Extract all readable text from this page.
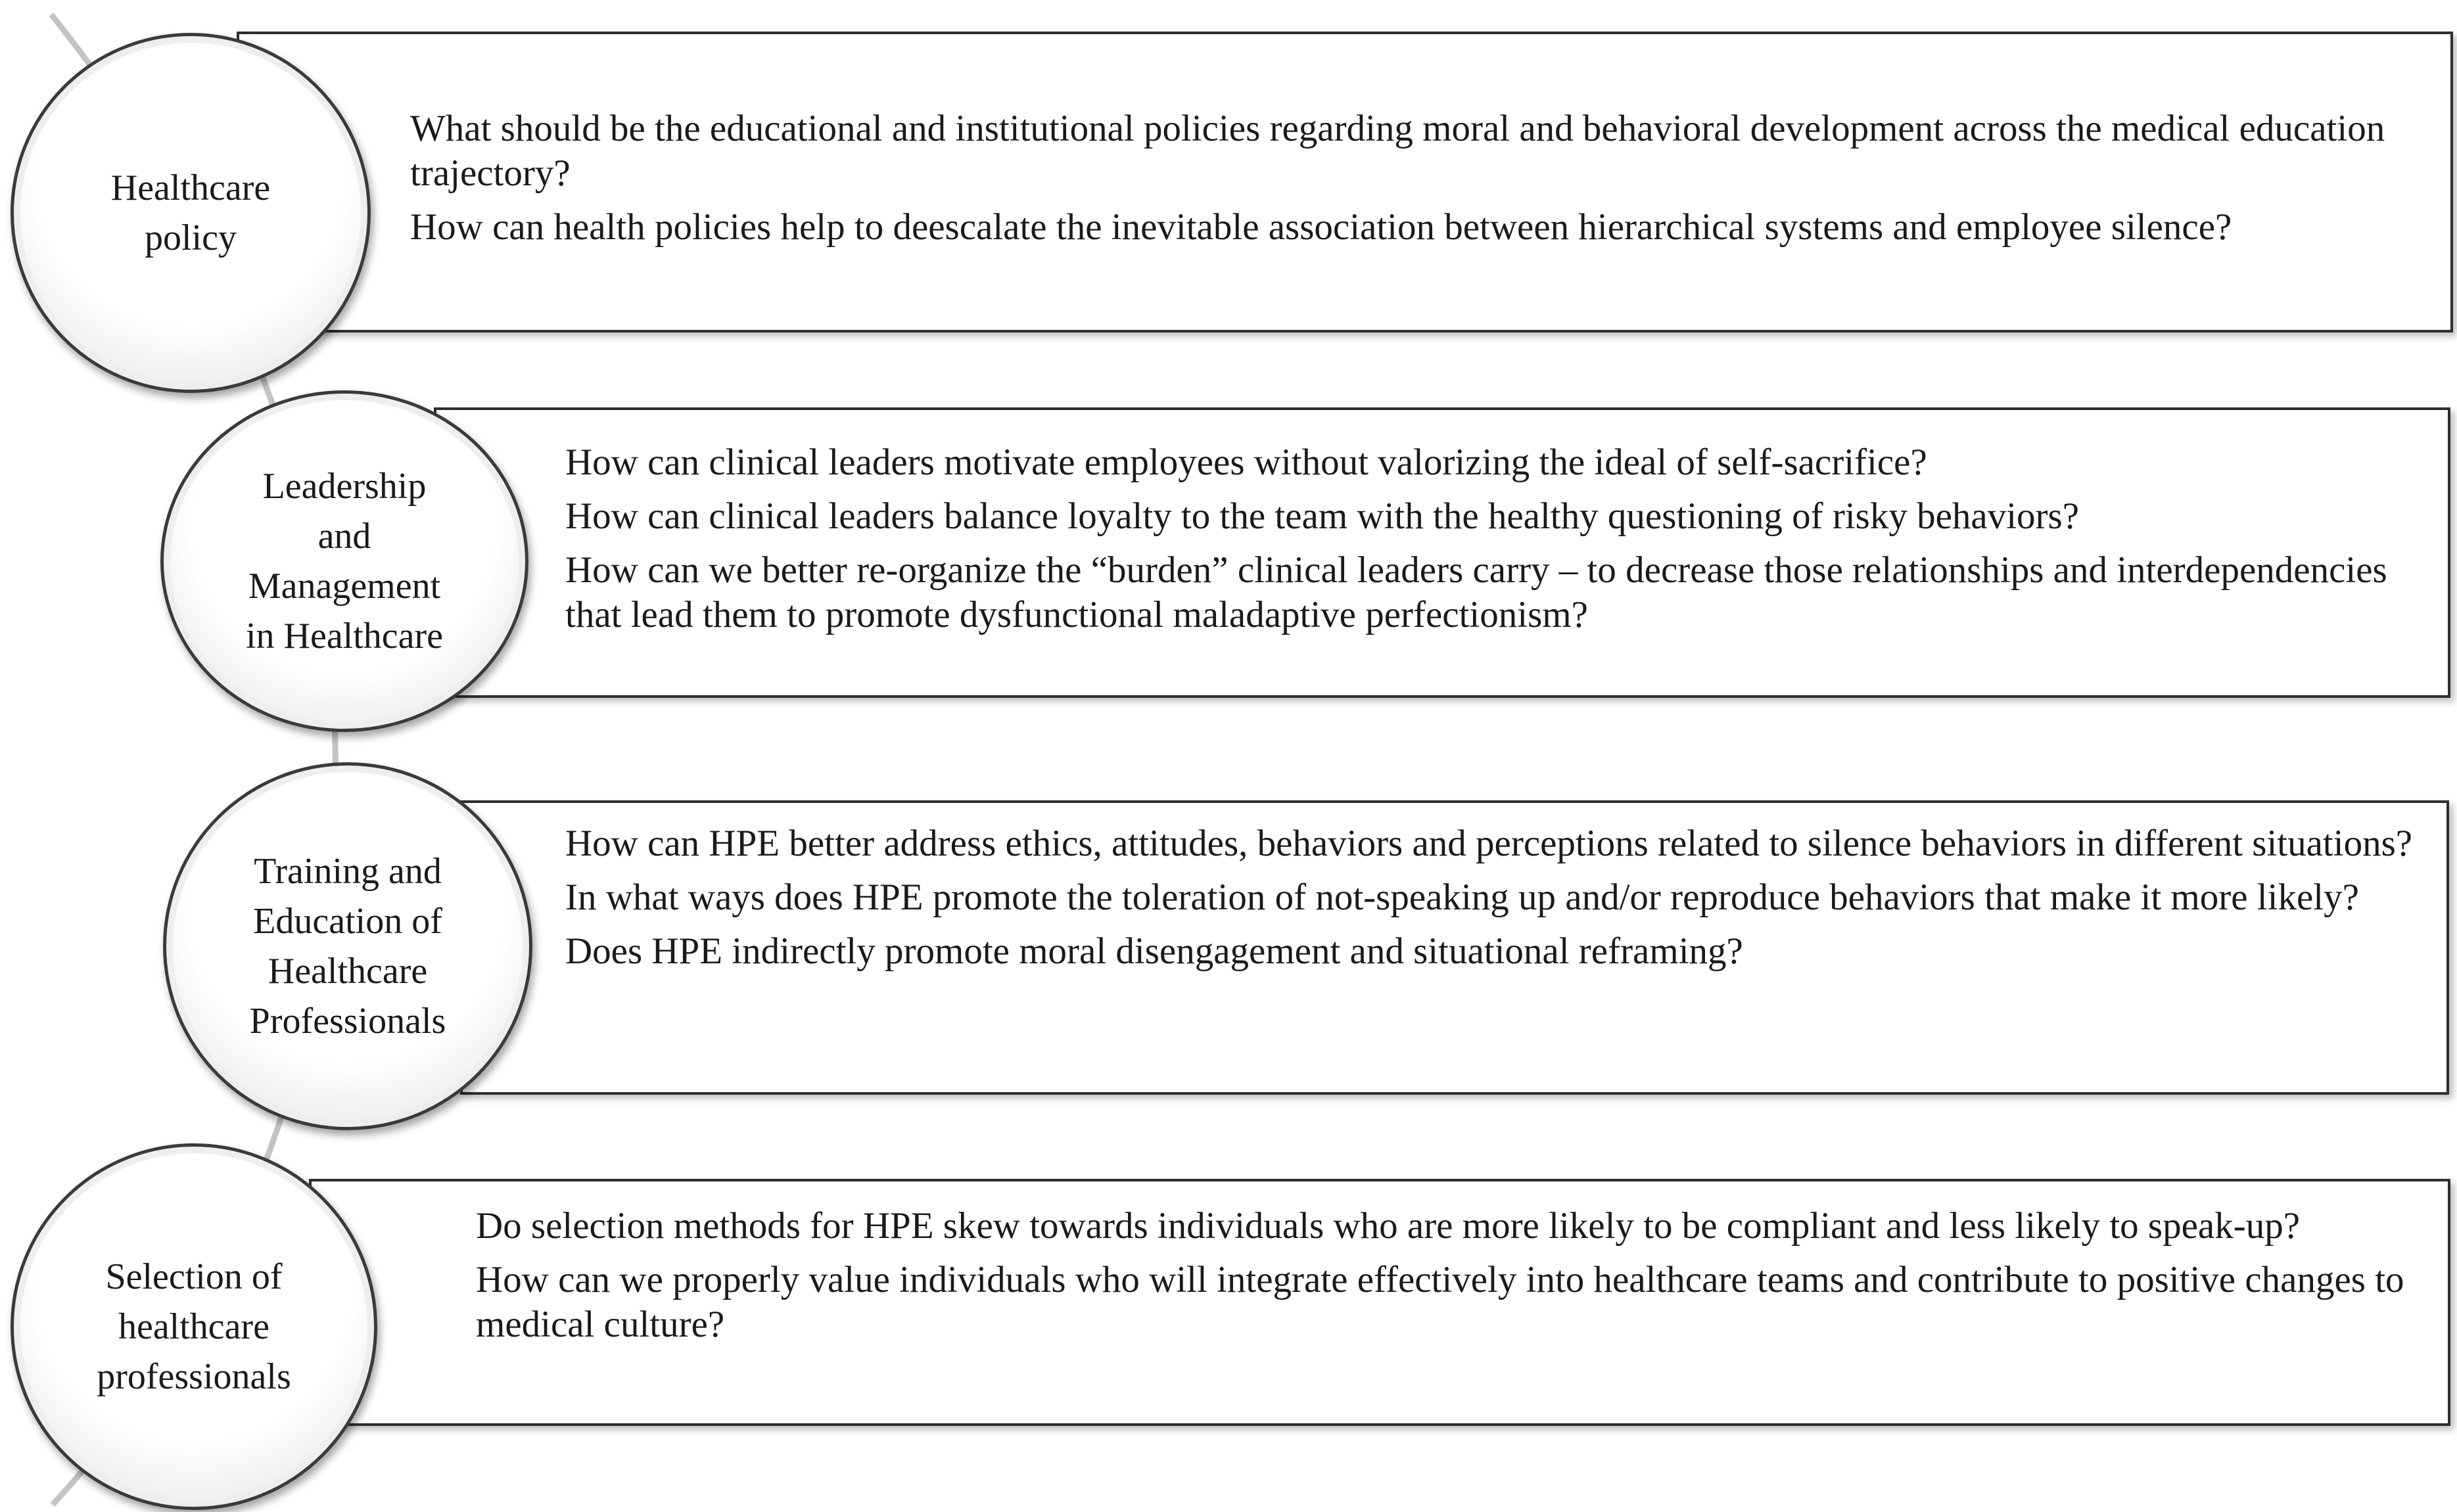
What should be the educational and institutional policies regarding moral and behavioral development across the medical education trajectory?

How can health policies help to deescalate the inevitable association between hierarchical systems and employee silence?

Healthcare
policy

How can clinical leaders motivate employees without valorizing the ideal of self-sacrifice?

How can clinical leaders balance loyalty to the team with the healthy questioning of risky behaviors?

How can we better re-organize the “burden” clinical leaders carry – to decrease those relationships and interdependencies that lead them to promote dysfunctional maladaptive perfectionism?

Leadership
and
Management
in Healthcare

How can HPE better address ethics, attitudes, behaviors and perceptions related to silence behaviors in different situations?

In what ways does HPE promote the toleration of not-speaking up and/or reproduce behaviors that make it more likely?

Does HPE indirectly promote moral disengagement and situational reframing?

Training and
Education of
Healthcare
Professionals

Do selection methods for HPE skew towards individuals who are more likely to be compliant and less likely to speak-up?

How can we properly value individuals who will integrate effectively into healthcare teams and contribute to positive changes to medical culture?

Selection of
healthcare
professionals
